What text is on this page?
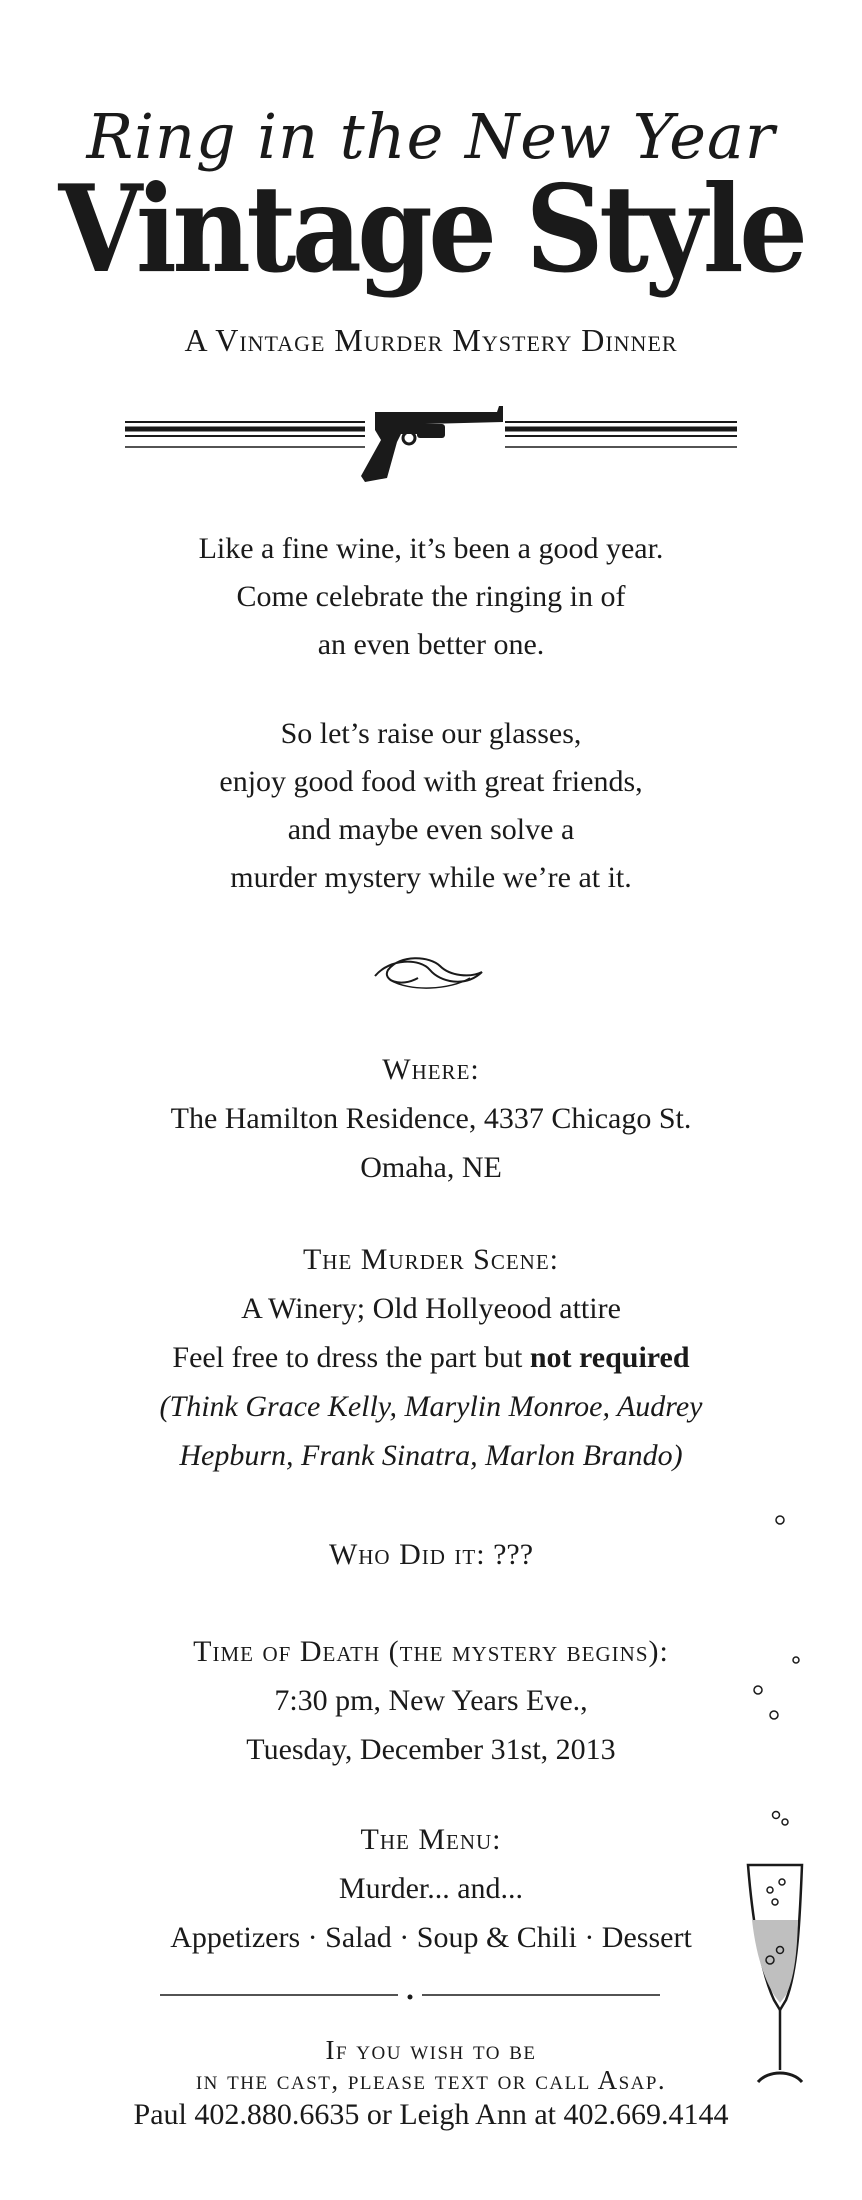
Ring in the New Year
Vintage Style
A Vintage Murder Mystery Dinner
Like a fine wine, it’s been a good year.
Come celebrate the ringing in of
an even better one.
So let’s raise our glasses,
enjoy good food with great friends,
and maybe even solve a
murder mystery while we’re at it.
Where:
The Hamilton Residence, 4337 Chicago St.
Omaha, NE
The Murder Scene:
A Winery; Old Hollyeood attire
Feel free to dress the part but not required
(Think Grace Kelly, Marylin Monroe, Audrey
Hepburn, Frank Sinatra, Marlon Brando)
Who Did it: ???
Time of Death (the mystery begins):
7:30 pm, New Years Eve.,
Tuesday, December 31st, 2013
The Menu:
Murder... and...
Appetizers · Salad · Soup & Chili · Dessert
If you wish to be
in the cast, please text or call Asap.
Paul 402.880.6635 or Leigh Ann at 402.669.4144
